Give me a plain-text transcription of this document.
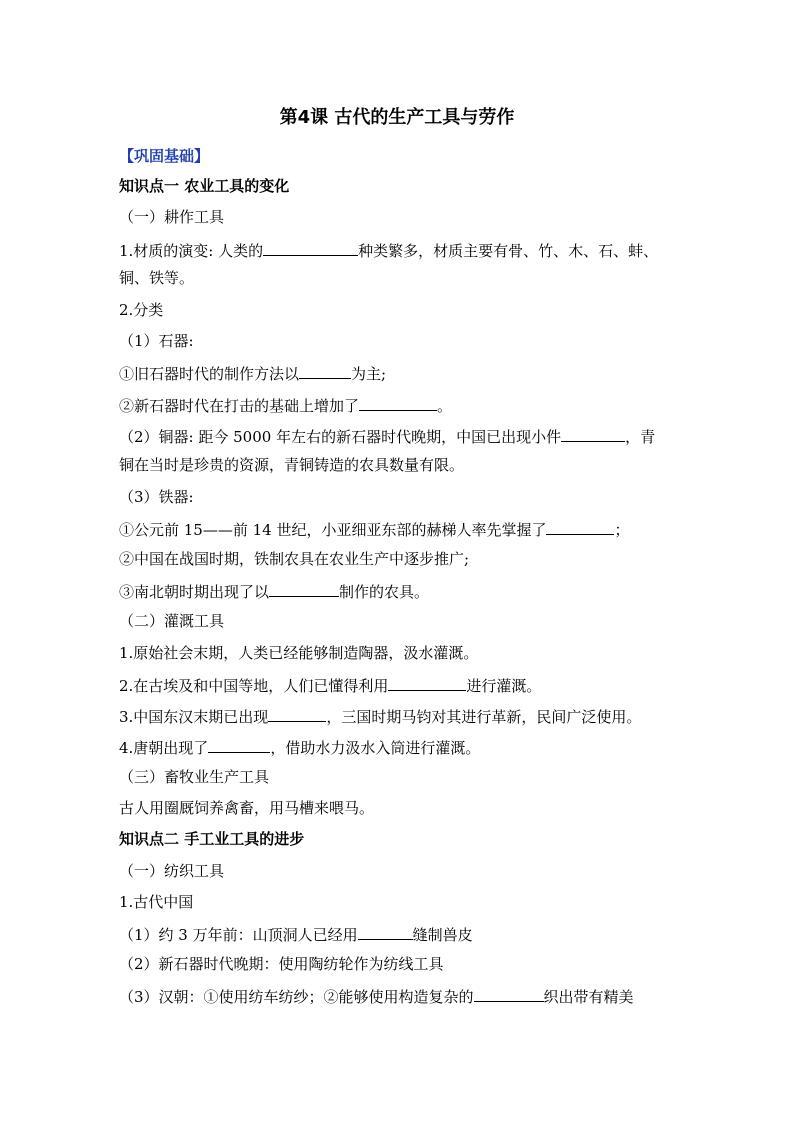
第4课 古代的生产工具与劳作
【巩固基础】
知识点一 农业工具的变化
（一）耕作工具
1.材质的演变: 人类的	种类繁多，材质主要有骨、竹、木、石、蚌、
铜、铁等。
2.分类
（1）石器:
①旧石器时代的制作方法以	为主;
②新石器时代在打击的基础上增加了	。
（2）铜器: 距今 5000 年左右的新石器时代晚期，中国已出现小件	，青
铜在当时是珍贵的资源，青铜铸造的农具数量有限。
（3）铁器:
①公元前 15——前 14 世纪，小亚细亚东部的赫梯人率先掌握了	；
②中国在战国时期，铁制农具在农业生产中逐步推广;
③南北朝时期出现了以	制作的农具。
（二）灌溉工具
1.原始社会末期，人类已经能够制造陶器，汲水灌溉。
2.在古埃及和中国等地，人们已懂得利用	进行灌溉。
3.中国东汉末期已出现	，三国时期马钧对其进行革新，民间广泛使用。
4.唐朝出现了	，借助水力汲水入筒进行灌溉。
（三）畜牧业生产工具
古人用圈厩饲养禽畜，用马槽来喂马。
知识点二 手工业工具的进步
（一）纺织工具
1.古代中国
（1）约 3 万年前：山顶洞人已经用	缝制兽皮
（2）新石器时代晚期：使用陶纺轮作为纺线工具
（3）汉朝：①使用纺车纺纱；②能够使用构造复杂的	织出带有精美
